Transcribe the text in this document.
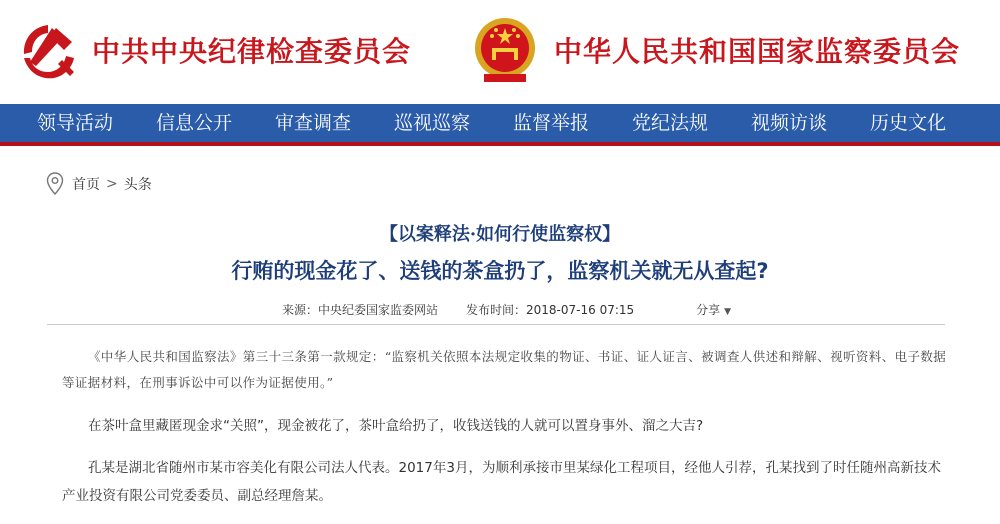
中共中央纪律检查委员会	中华人民共和国国家监察委员会
领导活动 信息公开 审查调查 巡视巡察 监督举报 党纪法规 视频访谈 历史文化
首页 > 头条
【以案释法·如何行使监察权】
行贿的现金花了、送钱的茶盒扔了，监察机关就无从查起?
来源：中央纪委国家监委网站 发布时间：2018-07-16 07:15	分享 ▼
《中华人民共和国监察法》第三十三条第一款规定：“监察机关依照本法规定收集的物证、书证、证人证言、被调查人供述和辩解、视听资料、电子数据等证据材料，在刑事诉讼中可以作为证据使用。”
在茶叶盒里藏匿现金求“关照”，现金被花了，茶叶盒给扔了，收钱送钱的人就可以置身事外、溜之大吉?
孔某是湖北省随州市某市容美化有限公司法人代表。2017年3月，为顺利承接市里某绿化工程项目，经他人引荐，孔某找到了时任随州高新技术产业投资有限公司党委委员、副总经理詹某。
